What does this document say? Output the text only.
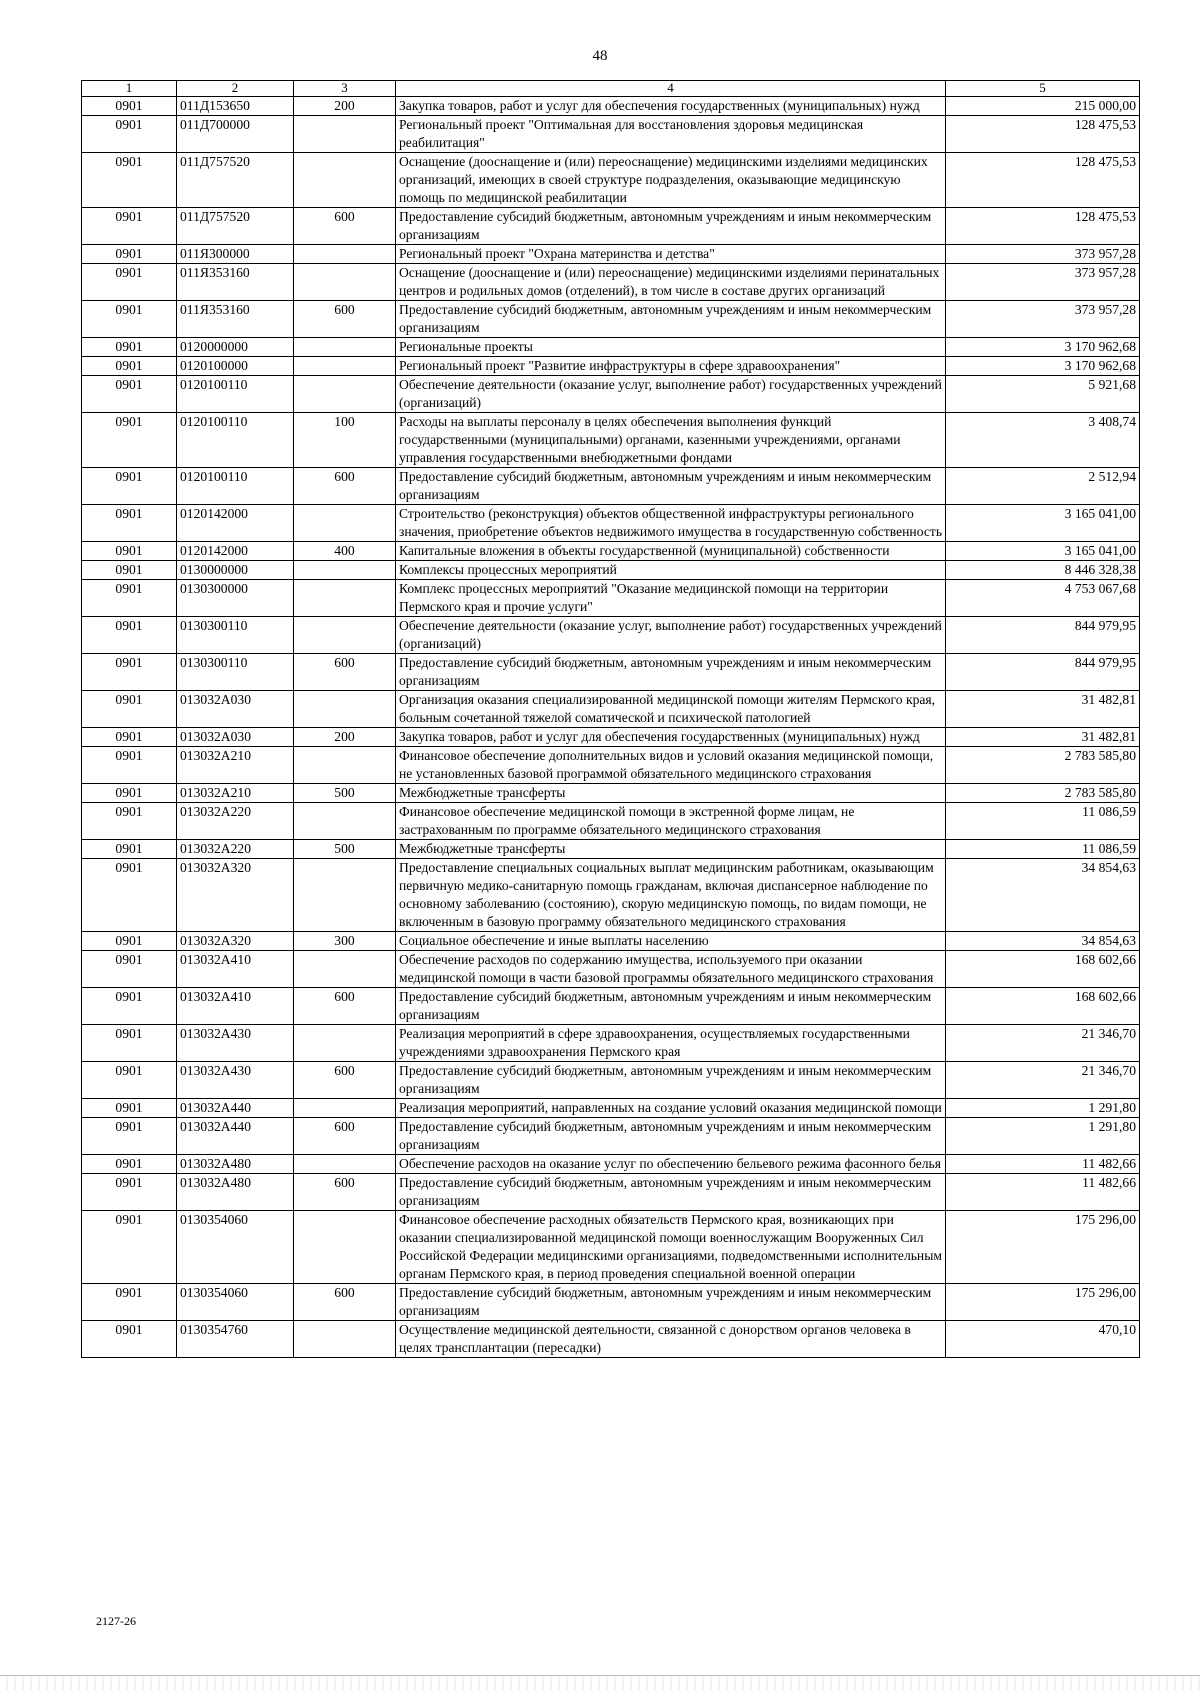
48
1	2	3	4	5
0901	011Д153650	200	Закупка товаров, работ и услуг для обеспечения государственных (муниципальных) нужд	215 000,00
0901	011Д700000		Региональный проект "Оптимальная для восстановления здоровья медицинская реабилитация"	128 475,53
0901	011Д757520		Оснащение (дооснащение и (или) переоснащение) медицинскими изделиями медицинских организаций, имеющих в своей структуре подразделения, оказывающие медицинскую помощь по медицинской реабилитации	128 475,53
0901	011Д757520	600	Предоставление субсидий бюджетным, автономным учреждениям и иным некоммерческим организациям	128 475,53
0901	011Я300000		Региональный проект "Охрана материнства и детства"	373 957,28
0901	011Я353160		Оснащение (дооснащение и (или) переоснащение) медицинскими изделиями перинатальных центров и родильных домов (отделений), в том числе в составе других организаций	373 957,28
0901	011Я353160	600	Предоставление субсидий бюджетным, автономным учреждениям и иным некоммерческим организациям	373 957,28
0901	0120000000		Региональные проекты	3 170 962,68
0901	0120100000		Региональный проект "Развитие инфраструктуры в сфере здравоохранения"	3 170 962,68
0901	0120100110		Обеспечение деятельности (оказание услуг, выполнение работ) государственных учреждений (организаций)	5 921,68
0901	0120100110	100	Расходы на выплаты персоналу в целях обеспечения выполнения функций государственными (муниципальными) органами, казенными учреждениями, органами управления государственными внебюджетными фондами	3 408,74
0901	0120100110	600	Предоставление субсидий бюджетным, автономным учреждениям и иным некоммерческим организациям	2 512,94
0901	0120142000		Строительство (реконструкция) объектов общественной инфраструктуры регионального значения, приобретение объектов недвижимого имущества в государственную собственность	3 165 041,00
0901	0120142000	400	Капитальные вложения в объекты государственной (муниципальной) собственности	3 165 041,00
0901	0130000000		Комплексы процессных мероприятий	8 446 328,38
0901	0130300000		Комплекс процессных мероприятий "Оказание медицинской помощи на территории Пермского края и прочие услуги"	4 753 067,68
0901	0130300110		Обеспечение деятельности (оказание услуг, выполнение работ) государственных учреждений (организаций)	844 979,95
0901	0130300110	600	Предоставление субсидий бюджетным, автономным учреждениям и иным некоммерческим организациям	844 979,95
0901	013032А030		Организация оказания специализированной медицинской помощи жителям Пермского края, больным сочетанной тяжелой соматической и психической патологией	31 482,81
0901	013032А030	200	Закупка товаров, работ и услуг для обеспечения государственных (муниципальных) нужд	31 482,81
0901	013032А210		Финансовое обеспечение дополнительных видов и условий оказания медицинской помощи, не установленных базовой программой обязательного медицинского страхования	2 783 585,80
0901	013032А210	500	Межбюджетные трансферты	2 783 585,80
0901	013032А220		Финансовое обеспечение медицинской помощи в экстренной форме лицам, не застрахованным по программе обязательного медицинского страхования	11 086,59
0901	013032А220	500	Межбюджетные трансферты	11 086,59
0901	013032А320		Предоставление специальных социальных выплат медицинским работникам, оказывающим первичную медико-санитарную помощь гражданам, включая диспансерное наблюдение по основному заболеванию (состоянию), скорую медицинскую помощь, по видам помощи, не включенным в базовую программу обязательного медицинского страхования	34 854,63
0901	013032А320	300	Социальное обеспечение и иные выплаты населению	34 854,63
0901	013032А410		Обеспечение расходов по содержанию имущества, используемого при оказании медицинской помощи в части базовой программы обязательного медицинского страхования	168 602,66
0901	013032А410	600	Предоставление субсидий бюджетным, автономным учреждениям и иным некоммерческим организациям	168 602,66
0901	013032А430		Реализация мероприятий в сфере здравоохранения, осуществляемых государственными учреждениями здравоохранения Пермского края	21 346,70
0901	013032А430	600	Предоставление субсидий бюджетным, автономным учреждениям и иным некоммерческим организациям	21 346,70
0901	013032А440		Реализация мероприятий, направленных на создание условий оказания медицинской помощи	1 291,80
0901	013032А440	600	Предоставление субсидий бюджетным, автономным учреждениям и иным некоммерческим организациям	1 291,80
0901	013032А480		Обеспечение расходов на оказание услуг по обеспечению бельевого режима фасонного белья	11 482,66
0901	013032А480	600	Предоставление субсидий бюджетным, автономным учреждениям и иным некоммерческим организациям	11 482,66
0901	0130354060		Финансовое обеспечение расходных обязательств Пермского края, возникающих при оказании специализированной медицинской помощи военнослужащим Вооруженных Сил Российской Федерации медицинскими организациями, подведомственными исполнительным органам Пермского края, в период проведения специальной военной операции	175 296,00
0901	0130354060	600	Предоставление субсидий бюджетным, автономным учреждениям и иным некоммерческим организациям	175 296,00
0901	0130354760		Осуществление медицинской деятельности, связанной с донорством органов человека в целях трансплантации (пересадки)	470,10
2127-26
